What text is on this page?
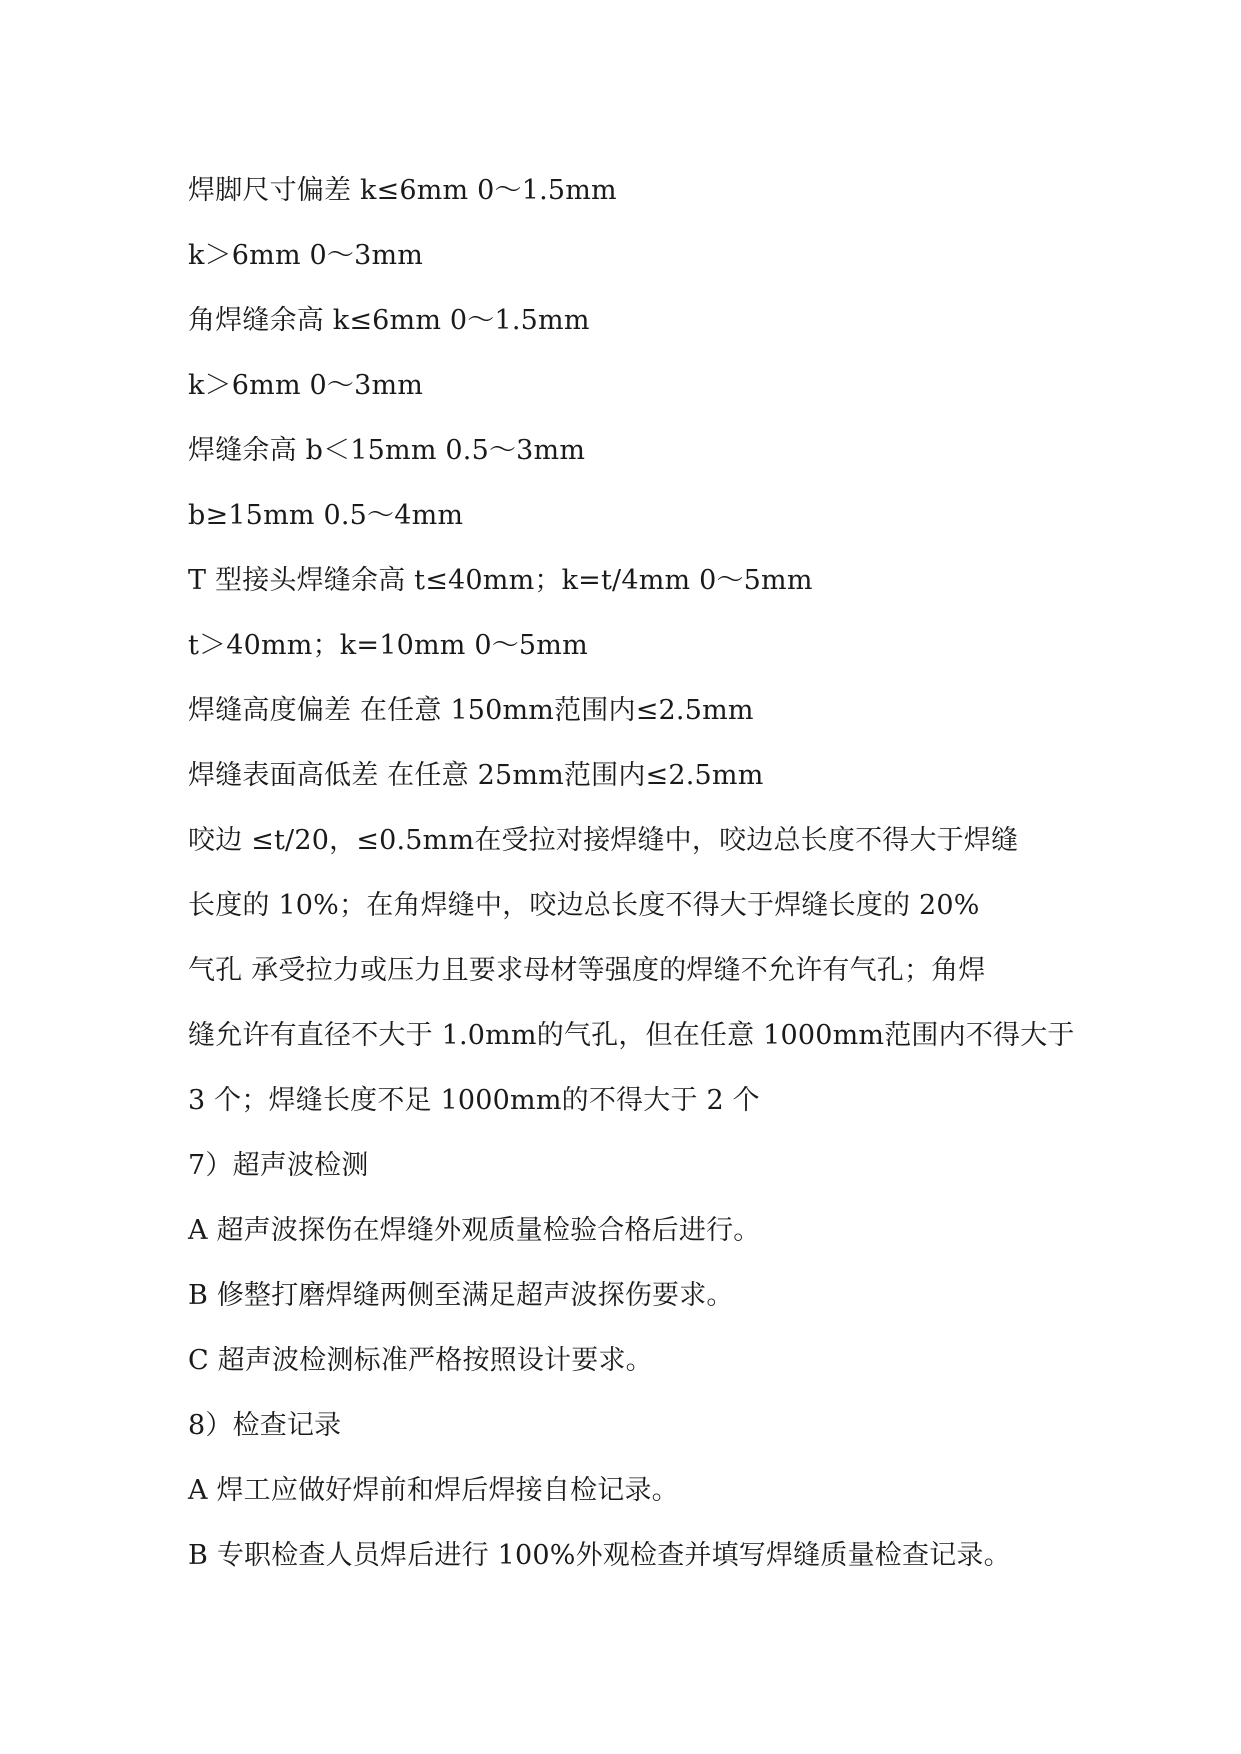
焊脚尺寸偏差 k≤6mm 0～1.5mm
k＞6mm 0～3mm
角焊缝余高 k≤6mm 0～1.5mm
k＞6mm 0～3mm
焊缝余高 b＜15mm 0.5～3mm
b≥15mm 0.5～4mm
T 型接头焊缝余高 t≤40mm；k=t/4mm 0～5mm
t＞40mm；k=10mm 0～5mm
焊缝高度偏差 在任意 150mm范围内≤2.5mm
焊缝表面高低差 在任意 25mm范围内≤2.5mm
咬边 ≤t/20，≤0.5mm在受拉对接焊缝中，咬边总长度不得大于焊缝
长度的 10%；在角焊缝中，咬边总长度不得大于焊缝长度的 20%
气孔 承受拉力或压力且要求母材等强度的焊缝不允许有气孔；角焊
缝允许有直径不大于 1.0mm的气孔，但在任意 1000mm范围内不得大于
3 个；焊缝长度不足 1000mm的不得大于 2 个
7）超声波检测
A 超声波探伤在焊缝外观质量检验合格后进行。
B 修整打磨焊缝两侧至满足超声波探伤要求。
C 超声波检测标准严格按照设计要求。
8）检查记录
A 焊工应做好焊前和焊后焊接自检记录。
B 专职检查人员焊后进行 100%外观检查并填写焊缝质量检查记录。
